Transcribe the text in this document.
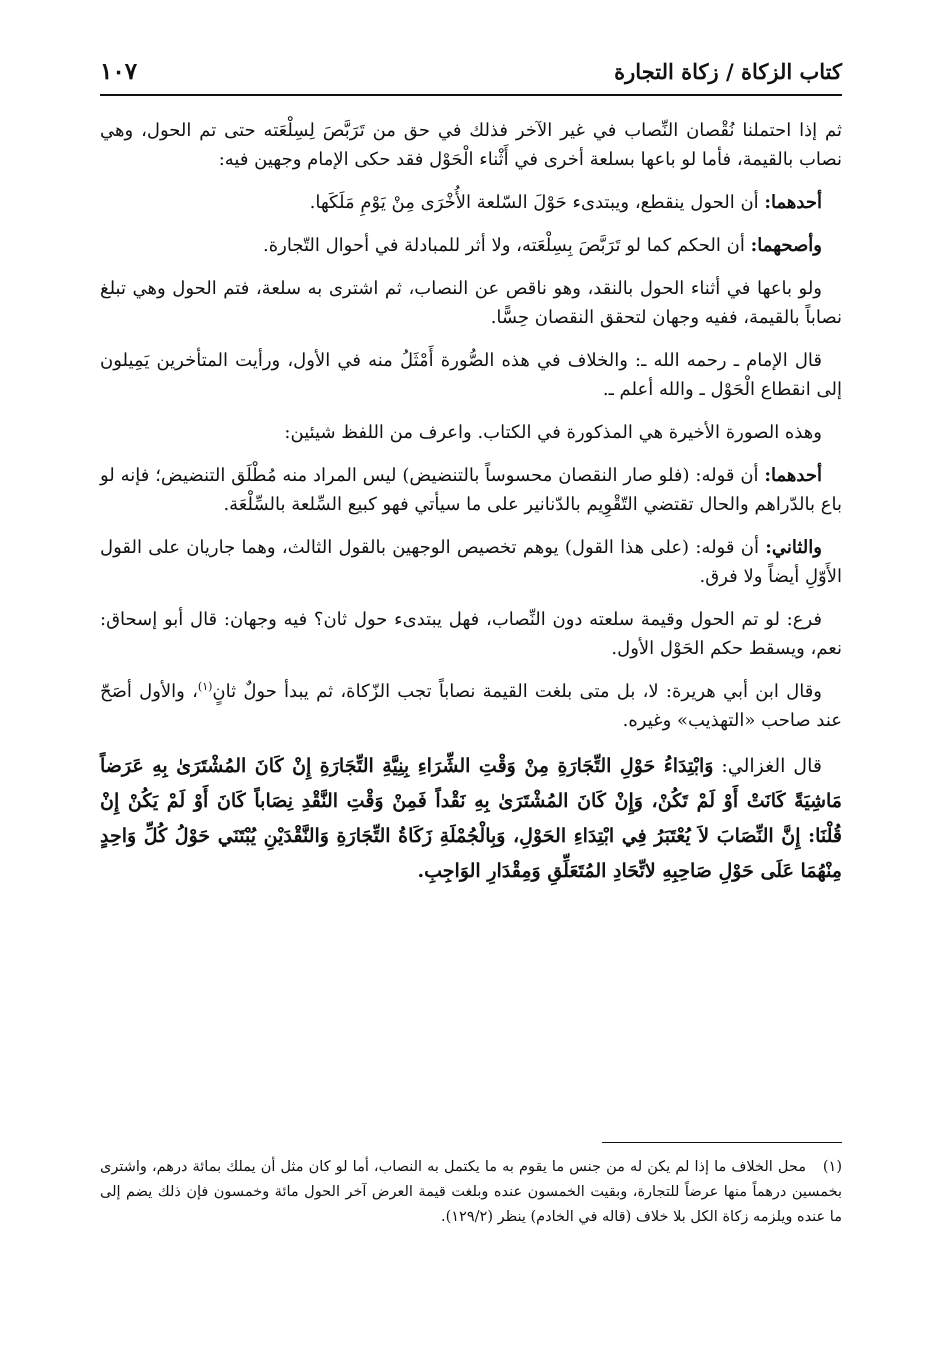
كتاب الزكاة / زكاة التجارة
١٠٧

ثم إذا احتملنا نُقْصان النِّصاب في غير الآخر فذلك في حق من تَرَبَّصَ لِسِلْعَته حتى تم الحول، وهي نصاب بالقيمة، فأما لو باعها بسلعة أخرى في أَثْناء الْحَوْل فقد حكى الإمام وجهين فيه:

أحدهما: أن الحول ينقطع، ويبتدىء حَوْلَ السّلعة الأُخْرَى مِنْ يَوْمِ مَلَكَها.

وأصحهما: أن الحكم كما لو تَرَبَّصَ بِسِلْعَته، ولا أثر للمبادلة في أحوال التّجارة.

ولو باعها في أثناء الحول بالنقد، وهو ناقص عن النصاب، ثم اشترى به سلعة، فتم الحول وهي تبلغ نصاباً بالقيمة، ففيه وجهان لتحقق النقصان حِسًّا.

قال الإمام ـ رحمه الله ـ: والخلاف في هذه الصُّورة أَمْثَلُ منه في الأول، ورأيت المتأخرين يَمِيلون إلى انقطاع الْحَوْل ـ والله أعلم ـ.

وهذه الصورة الأخيرة هي المذكورة في الكتاب. واعرف من اللفظ شيئين:

أحدهما: أن قوله: (فلو صار النقصان محسوساً بالتنضيض) ليس المراد منه مُطْلَق التنضيض؛ فإنه لو باع بالدّراهم والحال تقتضي التّقْوِيم بالدّنانير على ما سيأتي فهو كبيع السِّلعة بالسِّلْعَة.

والثاني: أن قوله: (على هذا القول) يوهم تخصيص الوجهين بالقول الثالث، وهما جاريان على القول الأَوّلِ أيضاً ولا فرق.

فرع: لو تم الحول وقيمة سلعته دون النِّصاب، فهل يبتدىء حول ثان؟ فيه وجهان: قال أبو إسحاق: نعم، ويسقط حكم الحَوْل الأول.

وقال ابن أبي هريرة: لا، بل متى بلغت القيمة نصاباً تجب الزّكاة، ثم يبدأ حولٌ ثانٍ$^{(١)}$، والأول أصَحّ عند صاحب «التهذيب» وغيره.

قال الغزالي: وَابْتِدَاءُ حَوْلِ التِّجَارَةِ مِنْ وَقْتِ الشِّرَاءِ بِنِيَّةِ التِّجَارَةِ إِنْ كَانَ المُشْتَرَىٰ بِهِ عَرَضاً مَاشِيَةً كَانَتْ أَوْ لَمْ تَكُنْ، وَإِنْ كَانَ المُشْتَرَىٰ بِهِ نَقْداً فَمِنْ وَقْتِ النَّقْدِ نِصَاباً كَانَ أَوْ لَمْ يَكُنْ إِنْ قُلْنَا: إِنَّ النِّصَابَ لاَ يُعْتَبَرُ فِي ابْتِدَاءِ الحَوْلِ، وَبِالْجُمْلَةِ زَكَاةُ التِّجَارَةِ وَالنَّقْدَيْنِ يُبْتَنَي حَوْلُ كُلِّ وَاحِدٍ مِنْهُمَا عَلَى حَوْلِ صَاحِبِهِ لاتِّحَادِ المُتَعَلِّقِ وَمِقْدَارِ الوَاجِبِ.

(١)محل الخلاف ما إذا لم يكن له من جنس ما يقوم به ما يكتمل به النصاب، أما لو كان مثل أن يملك بمائة درهم، واشترى بخمسين درهماً منها عرضاً للتجارة، وبقيت الخمسون عنده وبلغت قيمة العرض آخر الحول مائة وخمسون فإن ذلك يضم إلى ما عنده ويلزمه زكاة الكل بلا خلاف (قاله في الخادم) ينظر (١٢٩/٢).
